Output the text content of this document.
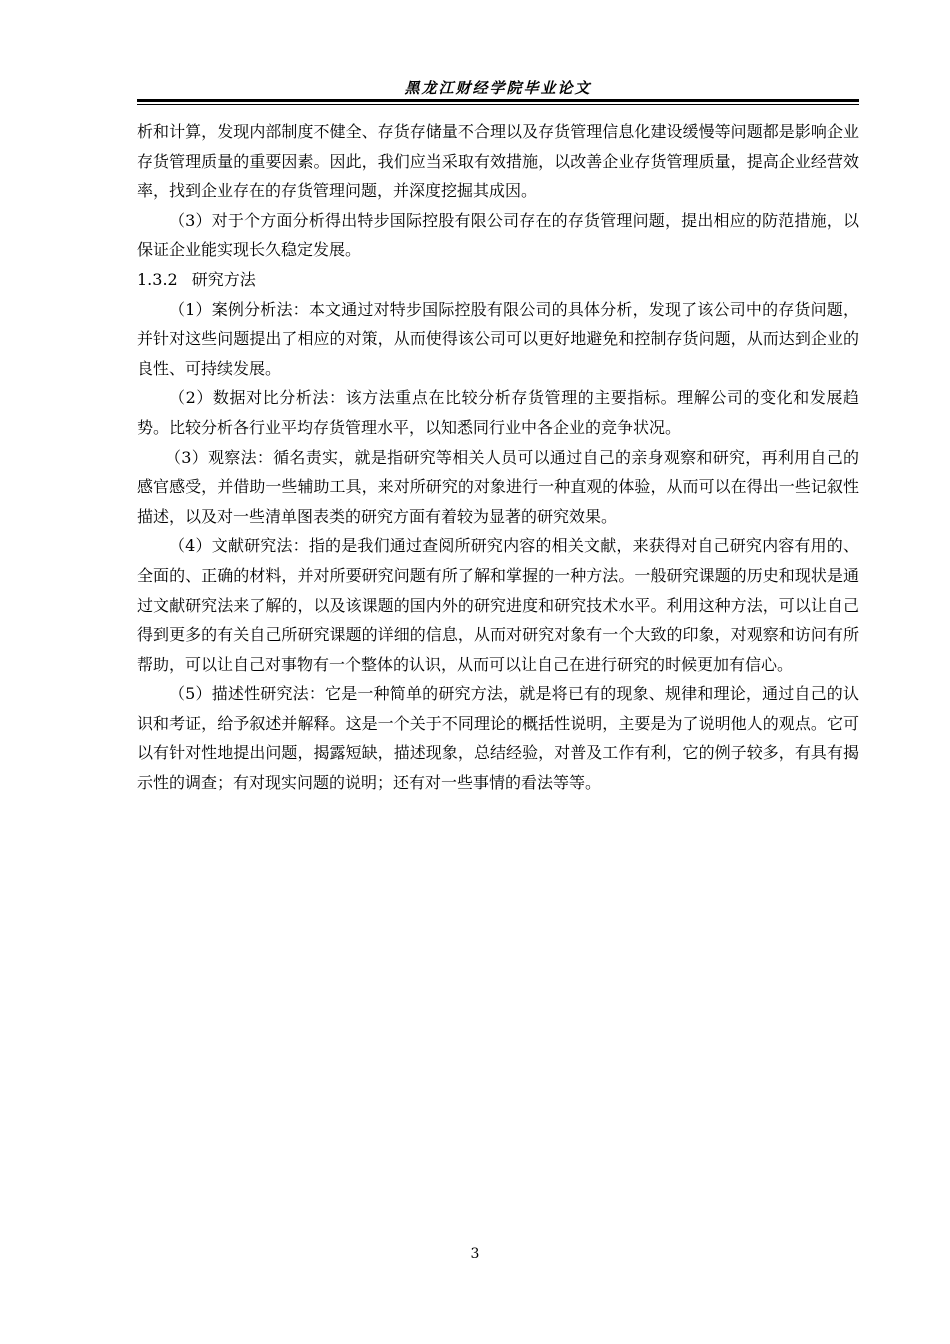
黑龙江财经学院毕业论文

析和计算，发现内部制度不健全、存货存储量不合理以及存货管理信息化建设缓慢等问题都是影响企业存货管理质量的重要因素。因此，我们应当采取有效措施，以改善企业存货管理质量，提高企业经营效率，找到企业存在的存货管理问题，并深度挖掘其成因。

（3）对于个方面分析得出特步国际控股有限公司存在的存货管理问题，提出相应的防范措施，以保证企业能实现长久稳定发展。

1.3.2 研究方法

（1）案例分析法：本文通过对特步国际控股有限公司的具体分析，发现了该公司中的存货问题，并针对这些问题提出了相应的对策，从而使得该公司可以更好地避免和控制存货问题，从而达到企业的良性、可持续发展。

（2）数据对比分析法：该方法重点在比较分析存货管理的主要指标。理解公司的变化和发展趋势。比较分析各行业平均存货管理水平，以知悉同行业中各企业的竞争状况。

（3）观察法：循名责实，就是指研究等相关人员可以通过自己的亲身观察和研究，再利用自己的感官感受，并借助一些辅助工具，来对所研究的对象进行一种直观的体验，从而可以在得出一些记叙性描述，以及对一些清单图表类的研究方面有着较为显著的研究效果。

（4）文献研究法：指的是我们通过查阅所研究内容的相关文献，来获得对自己研究内容有用的、全面的、正确的材料，并对所要研究问题有所了解和掌握的一种方法。一般研究课题的历史和现状是通过文献研究法来了解的，以及该课题的国内外的研究进度和研究技术水平。利用这种方法，可以让自己得到更多的有关自己所研究课题的详细的信息，从而对研究对象有一个大致的印象，对观察和访问有所帮助，可以让自己对事物有一个整体的认识，从而可以让自己在进行研究的时候更加有信心。

（5）描述性研究法：它是一种简单的研究方法，就是将已有的现象、规律和理论，通过自己的认识和考证，给予叙述并解释。这是一个关于不同理论的概括性说明，主要是为了说明他人的观点。它可以有针对性地提出问题，揭露短缺，描述现象，总结经验，对普及工作有利，它的例子较多，有具有揭示性的调查；有对现实问题的说明；还有对一些事情的看法等等。

3
